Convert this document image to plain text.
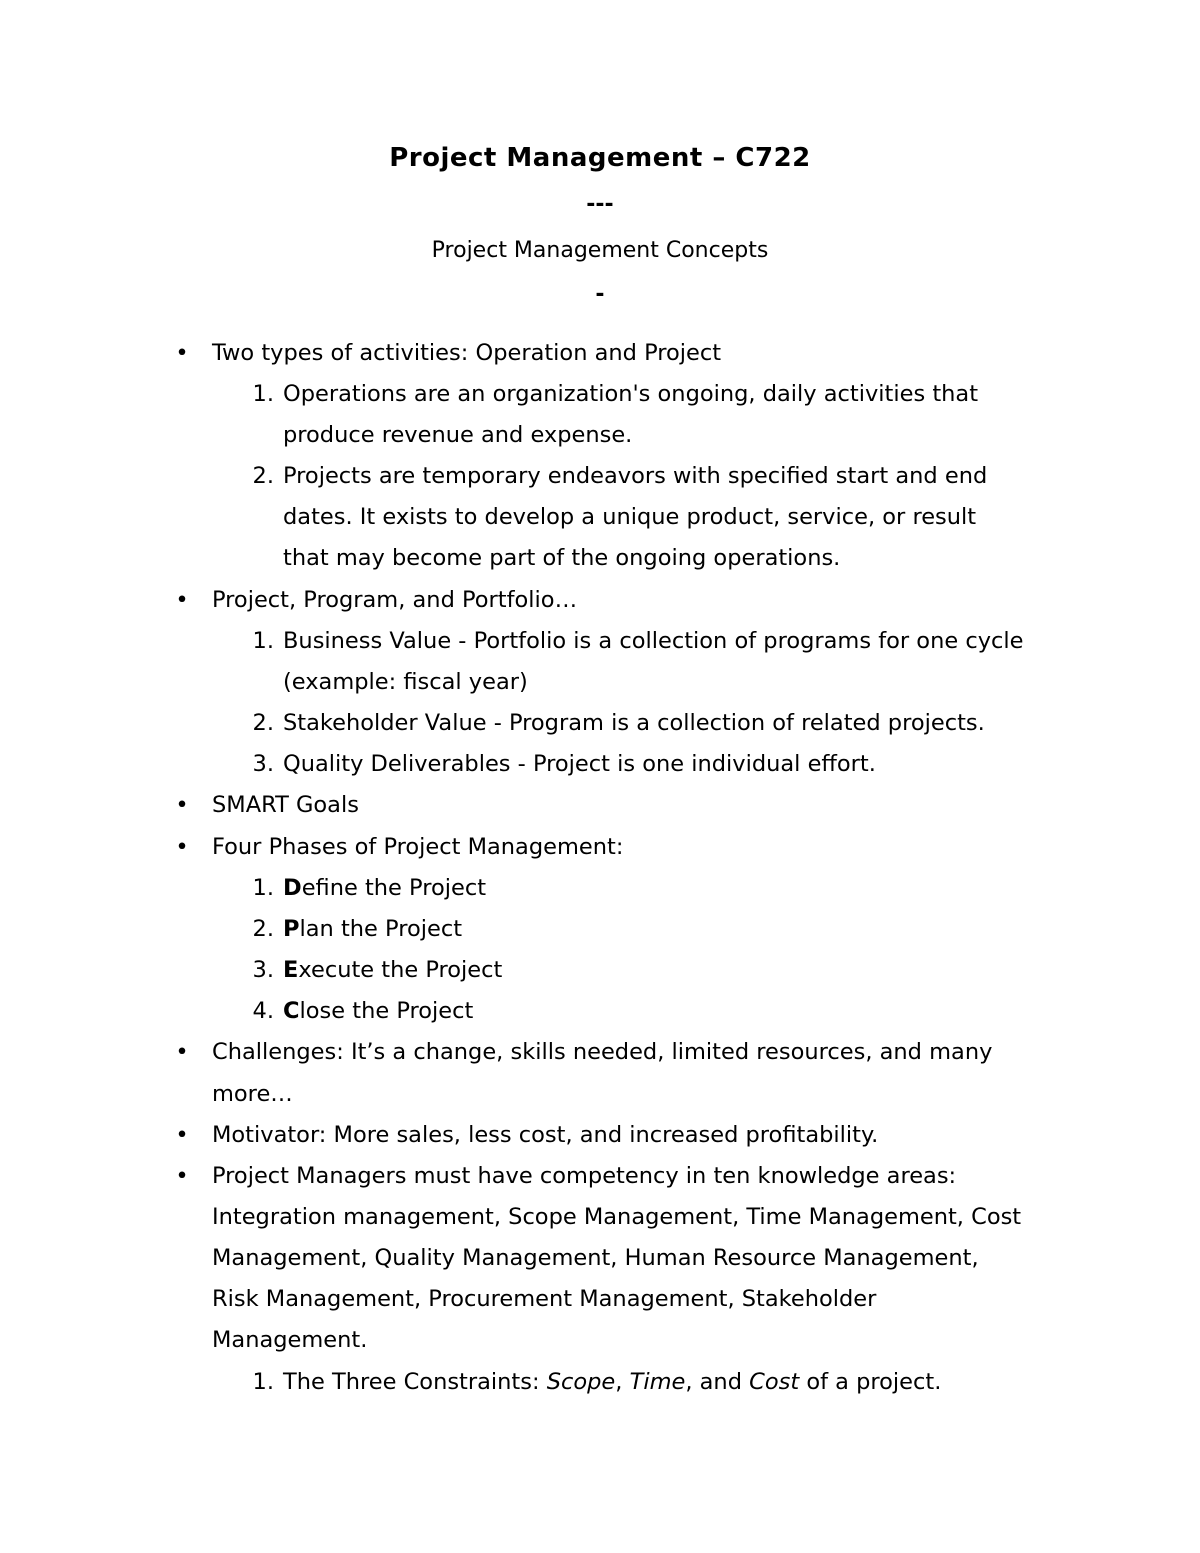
Project Management – C722
---
Project Management Concepts
-
• Two types of activities: Operation and Project
1. Operations are an organization's ongoing, daily activities that
produce revenue and expense.
2. Projects are temporary endeavors with specified start and end
dates. It exists to develop a unique product, service, or result
that may become part of the ongoing operations.
• Project, Program, and Portfolio…
1. Business Value - Portfolio is a collection of programs for one cycle
(example: fiscal year)
2. Stakeholder Value - Program is a collection of related projects.
3. Quality Deliverables - Project is one individual effort.
• SMART Goals
• Four Phases of Project Management:
1. Define the Project
2. Plan the Project
3. Execute the Project
4. Close the Project
• Challenges: It’s a change, skills needed, limited resources, and many
more…
• Motivator: More sales, less cost, and increased profitability.
• Project Managers must have competency in ten knowledge areas:
Integration management, Scope Management, Time Management, Cost
Management, Quality Management, Human Resource Management,
Risk Management, Procurement Management, Stakeholder
Management.
1. The Three Constraints: Scope, Time, and Cost of a project.
